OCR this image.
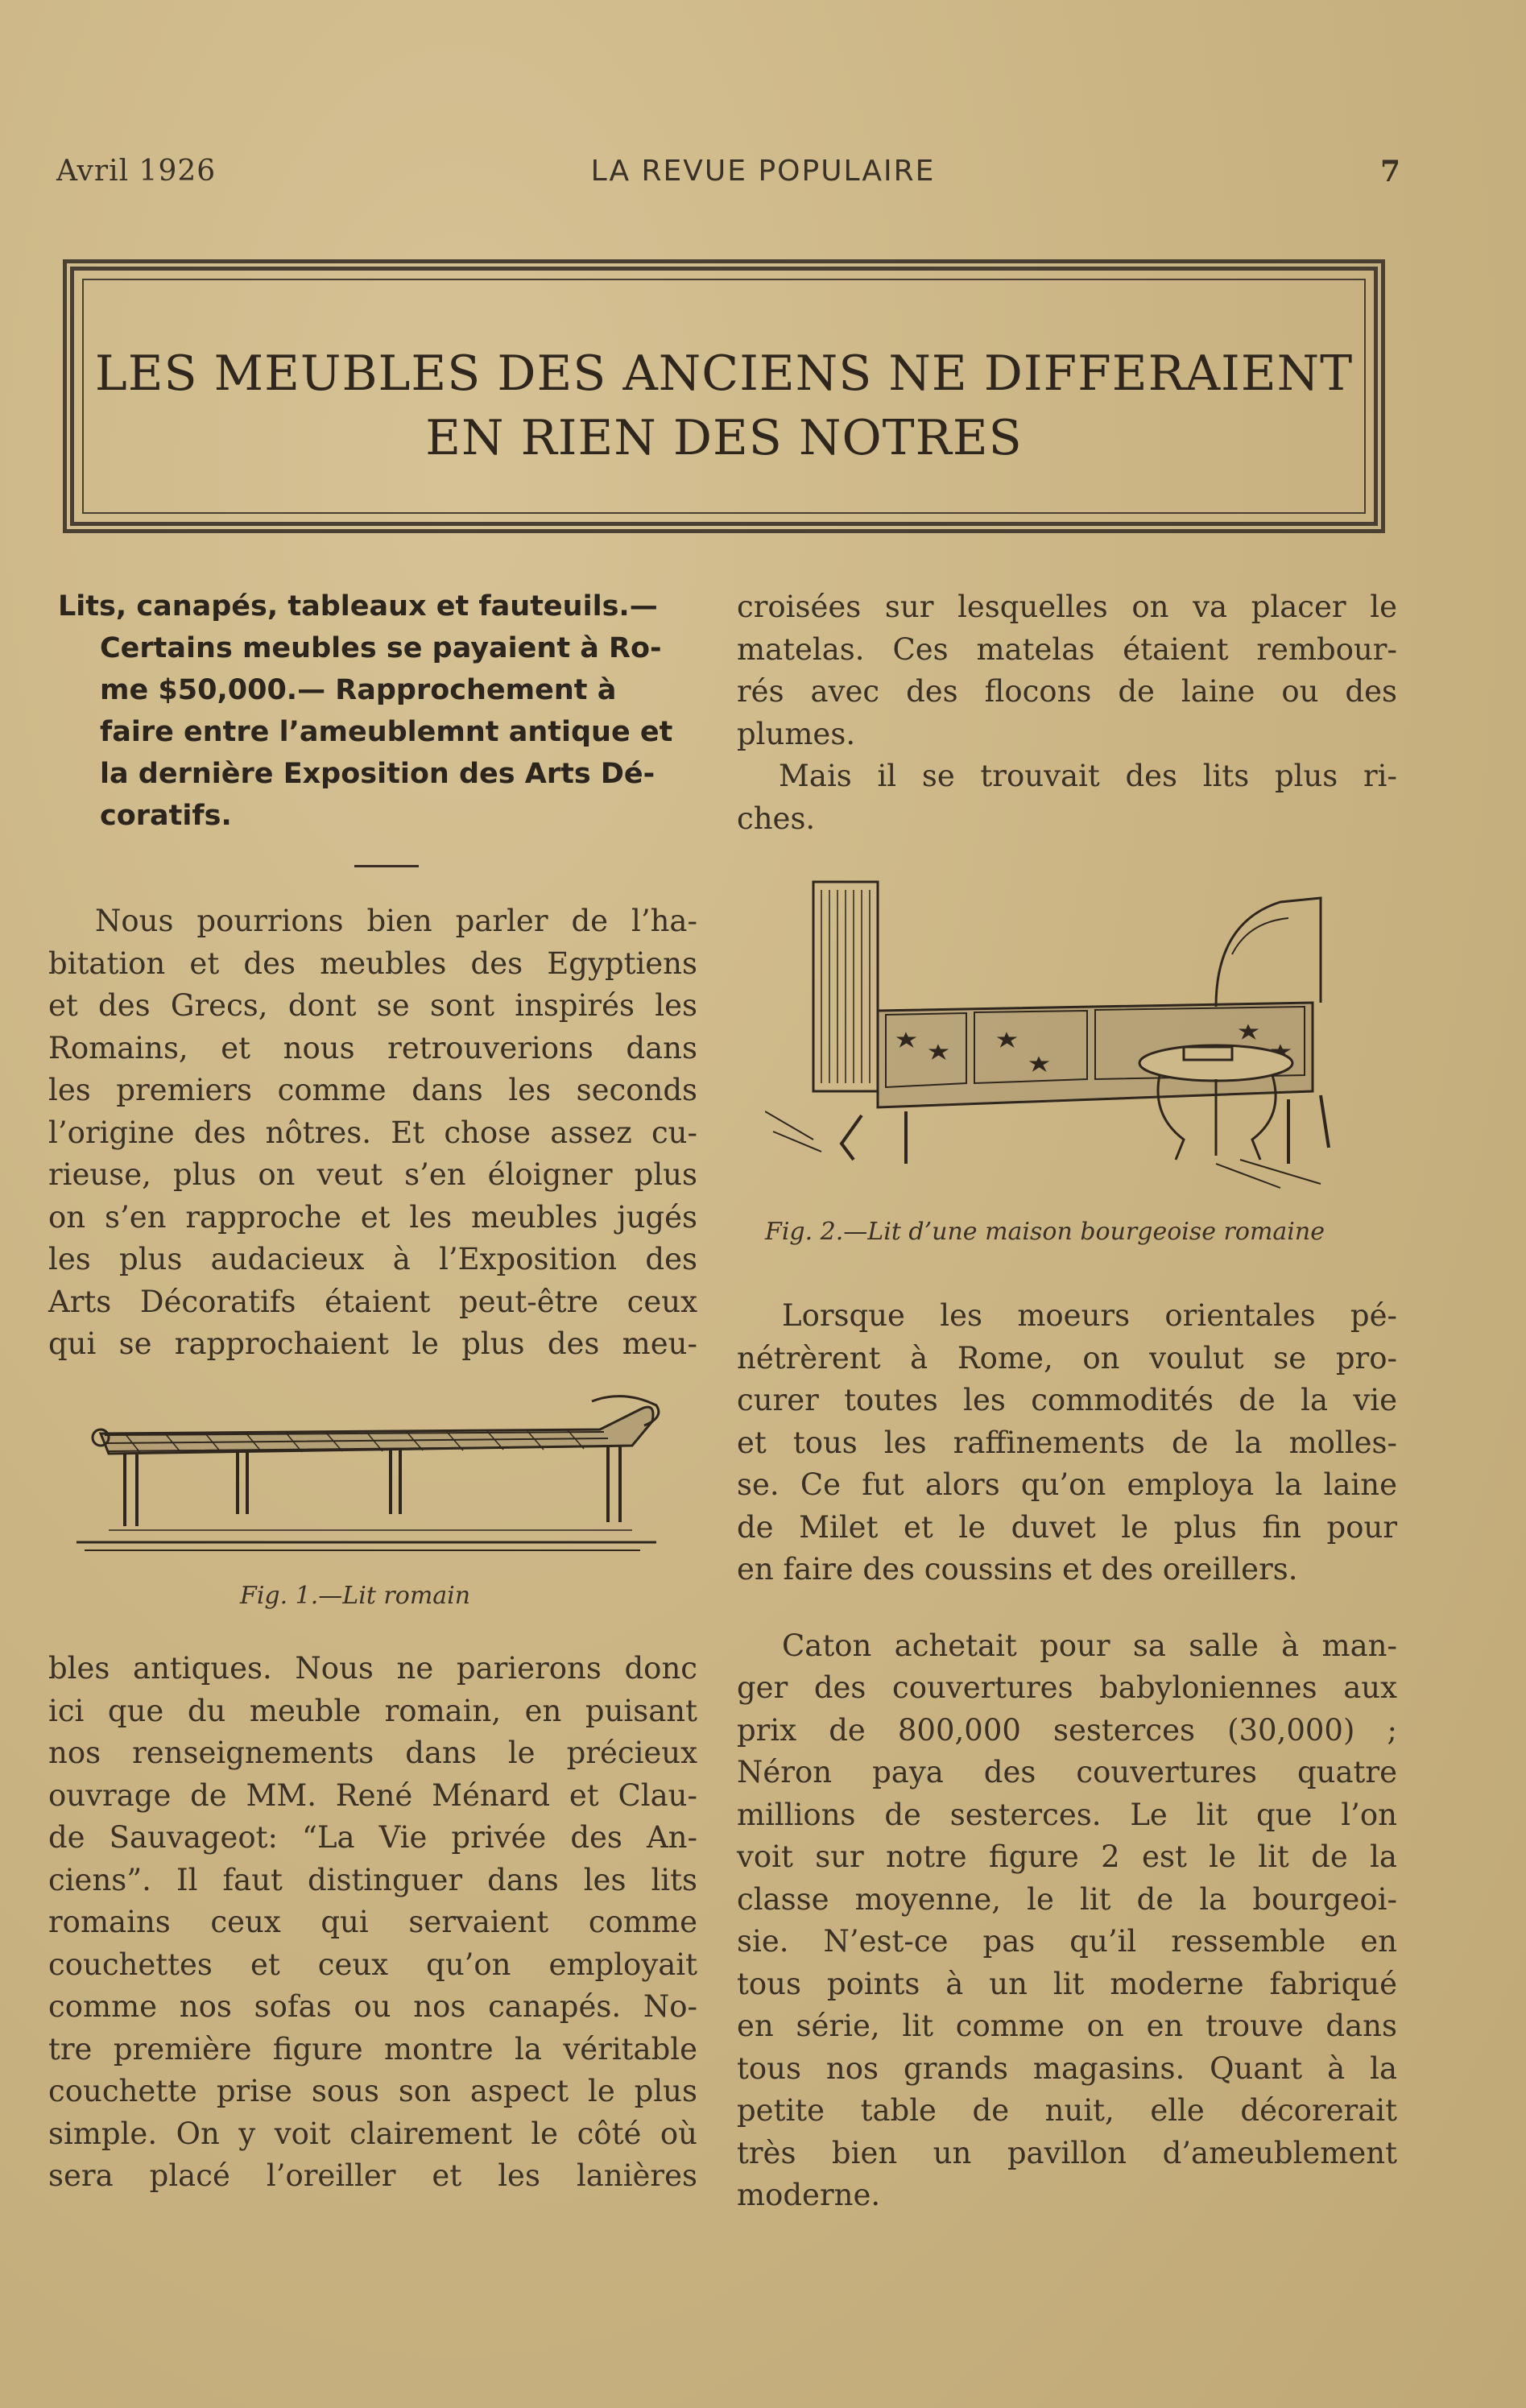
Avril 1926	LA REVUE POPULAIRE	7
LES MEUBLES DES ANCIENS NE DIFFERAIENT
EN RIEN DES NOTRES
Lits, canapés, tableaux et fauteuils.—
Certains meubles se payaient à Ro-
me $50,000.— Rapprochement à
faire entre l’ameublemnt antique et
la dernière Exposition des Arts Dé-
coratifs.
Nous pourrions bien parler de l’ha-
bitation et des meubles des Egyptiens
et des Grecs, dont se sont inspirés les
Romains, et nous retrouverions dans
les premiers comme dans les seconds
l’origine des nôtres. Et chose assez cu-
rieuse, plus on veut s’en éloigner plus
on s’en rapproche et les meubles jugés
les plus audacieux à l’Exposition des
Arts Décoratifs étaient peut-être ceux
qui se rapprochaient le plus des meu-
Fig. 1.—Lit romain
bles antiques. Nous ne parierons donc
ici que du meuble romain, en puisant
nos renseignements dans le précieux
ouvrage de MM. René Ménard et Clau-
de Sauvageot: “La Vie privée des An-
ciens”. Il faut distinguer dans les lits
romains ceux qui servaient comme
couchettes et ceux qu’on employait
comme nos sofas ou nos canapés. No-
tre première figure montre la véritable
couchette prise sous son aspect le plus
simple. On y voit clairement le côté où
sera placé l’oreiller et les lanières
croisées sur lesquelles on va placer le
matelas. Ces matelas étaient rembour-
rés avec des flocons de laine ou des
plumes.
Mais il se trouvait des lits plus ri-
ches.
Fig. 2.—Lit d’une maison bourgeoise romaine
Lorsque les moeurs orientales pé-
nétrèrent à Rome, on voulut se pro-
curer toutes les commodités de la vie
et tous les raffinements de la molles-
se. Ce fut alors qu’on employa la laine
de Milet et le duvet le plus fin pour
en faire des coussins et des oreillers.
Caton achetait pour sa salle à man-
ger des couvertures babyloniennes aux
prix de 800,000 sesterces (30,000) ;
Néron paya des couvertures quatre
millions de sesterces. Le lit que l’on
voit sur notre figure 2 est le lit de la
classe moyenne, le lit de la bourgeoi-
sie. N’est-ce pas qu’il ressemble en
tous points à un lit moderne fabriqué
en série, lit comme on en trouve dans
tous nos grands magasins. Quant à la
petite table de nuit, elle décorerait
très bien un pavillon d’ameublement
moderne.
